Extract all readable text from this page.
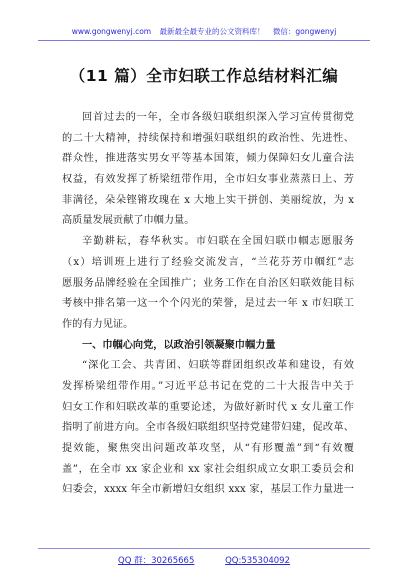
www.gongwenyj.com 最新最全最专业的公文资料库！ 微信：gongwenyj
（11 篇）全市妇联工作总结材料汇编
回首过去的一年，全市各级妇联组织深入学习宣传贯彻党
的二十大精神，持续保持和增强妇联组织的政治性、先进性、
群众性，推进落实男女平等基本国策，倾力保障妇女儿童合法
权益，有效发挥了桥梁纽带作用，全市妇女事业蒸蒸日上、芳
菲满径，朵朵铿锵玫瑰在 x 大地上实干拼创、美丽绽放，为 x
高质量发展贡献了巾帼力量。
辛勤耕耘，春华秋实。市妇联在全国妇联巾帼志愿服务
（x）培训班上进行了经验交流发言，“兰花芬芳巾帼红”志
愿服务品牌经验在全国推广；业务工作在自治区妇联效能目标
考核中排名第一这一个个闪光的荣誉，是过去一年 x 市妇联工
作的有力见证。
一、巾帼心向党，以政治引领凝聚巾帼力量
“深化工会、共青团、妇联等群团组织改革和建设，有效
发挥桥梁纽带作用。”习近平总书记在党的二十大报告中关于
妇女工作和妇联改革的重要论述，为做好新时代 x 女儿童工作
指明了前进方向。全市各级妇联组织坚持党建带妇建，促改革、
提效能，聚焦突出问题改革攻坚，从“有形覆盖”到“有效覆
盖”，在全市 xx 家企业和 xx 家社会组织成立女职工委员会和
妇委会，xxxx 年全市新增妇女组织 xxx 家，基层工作力量进一
QQ 群：30265665	QQ:535304092
